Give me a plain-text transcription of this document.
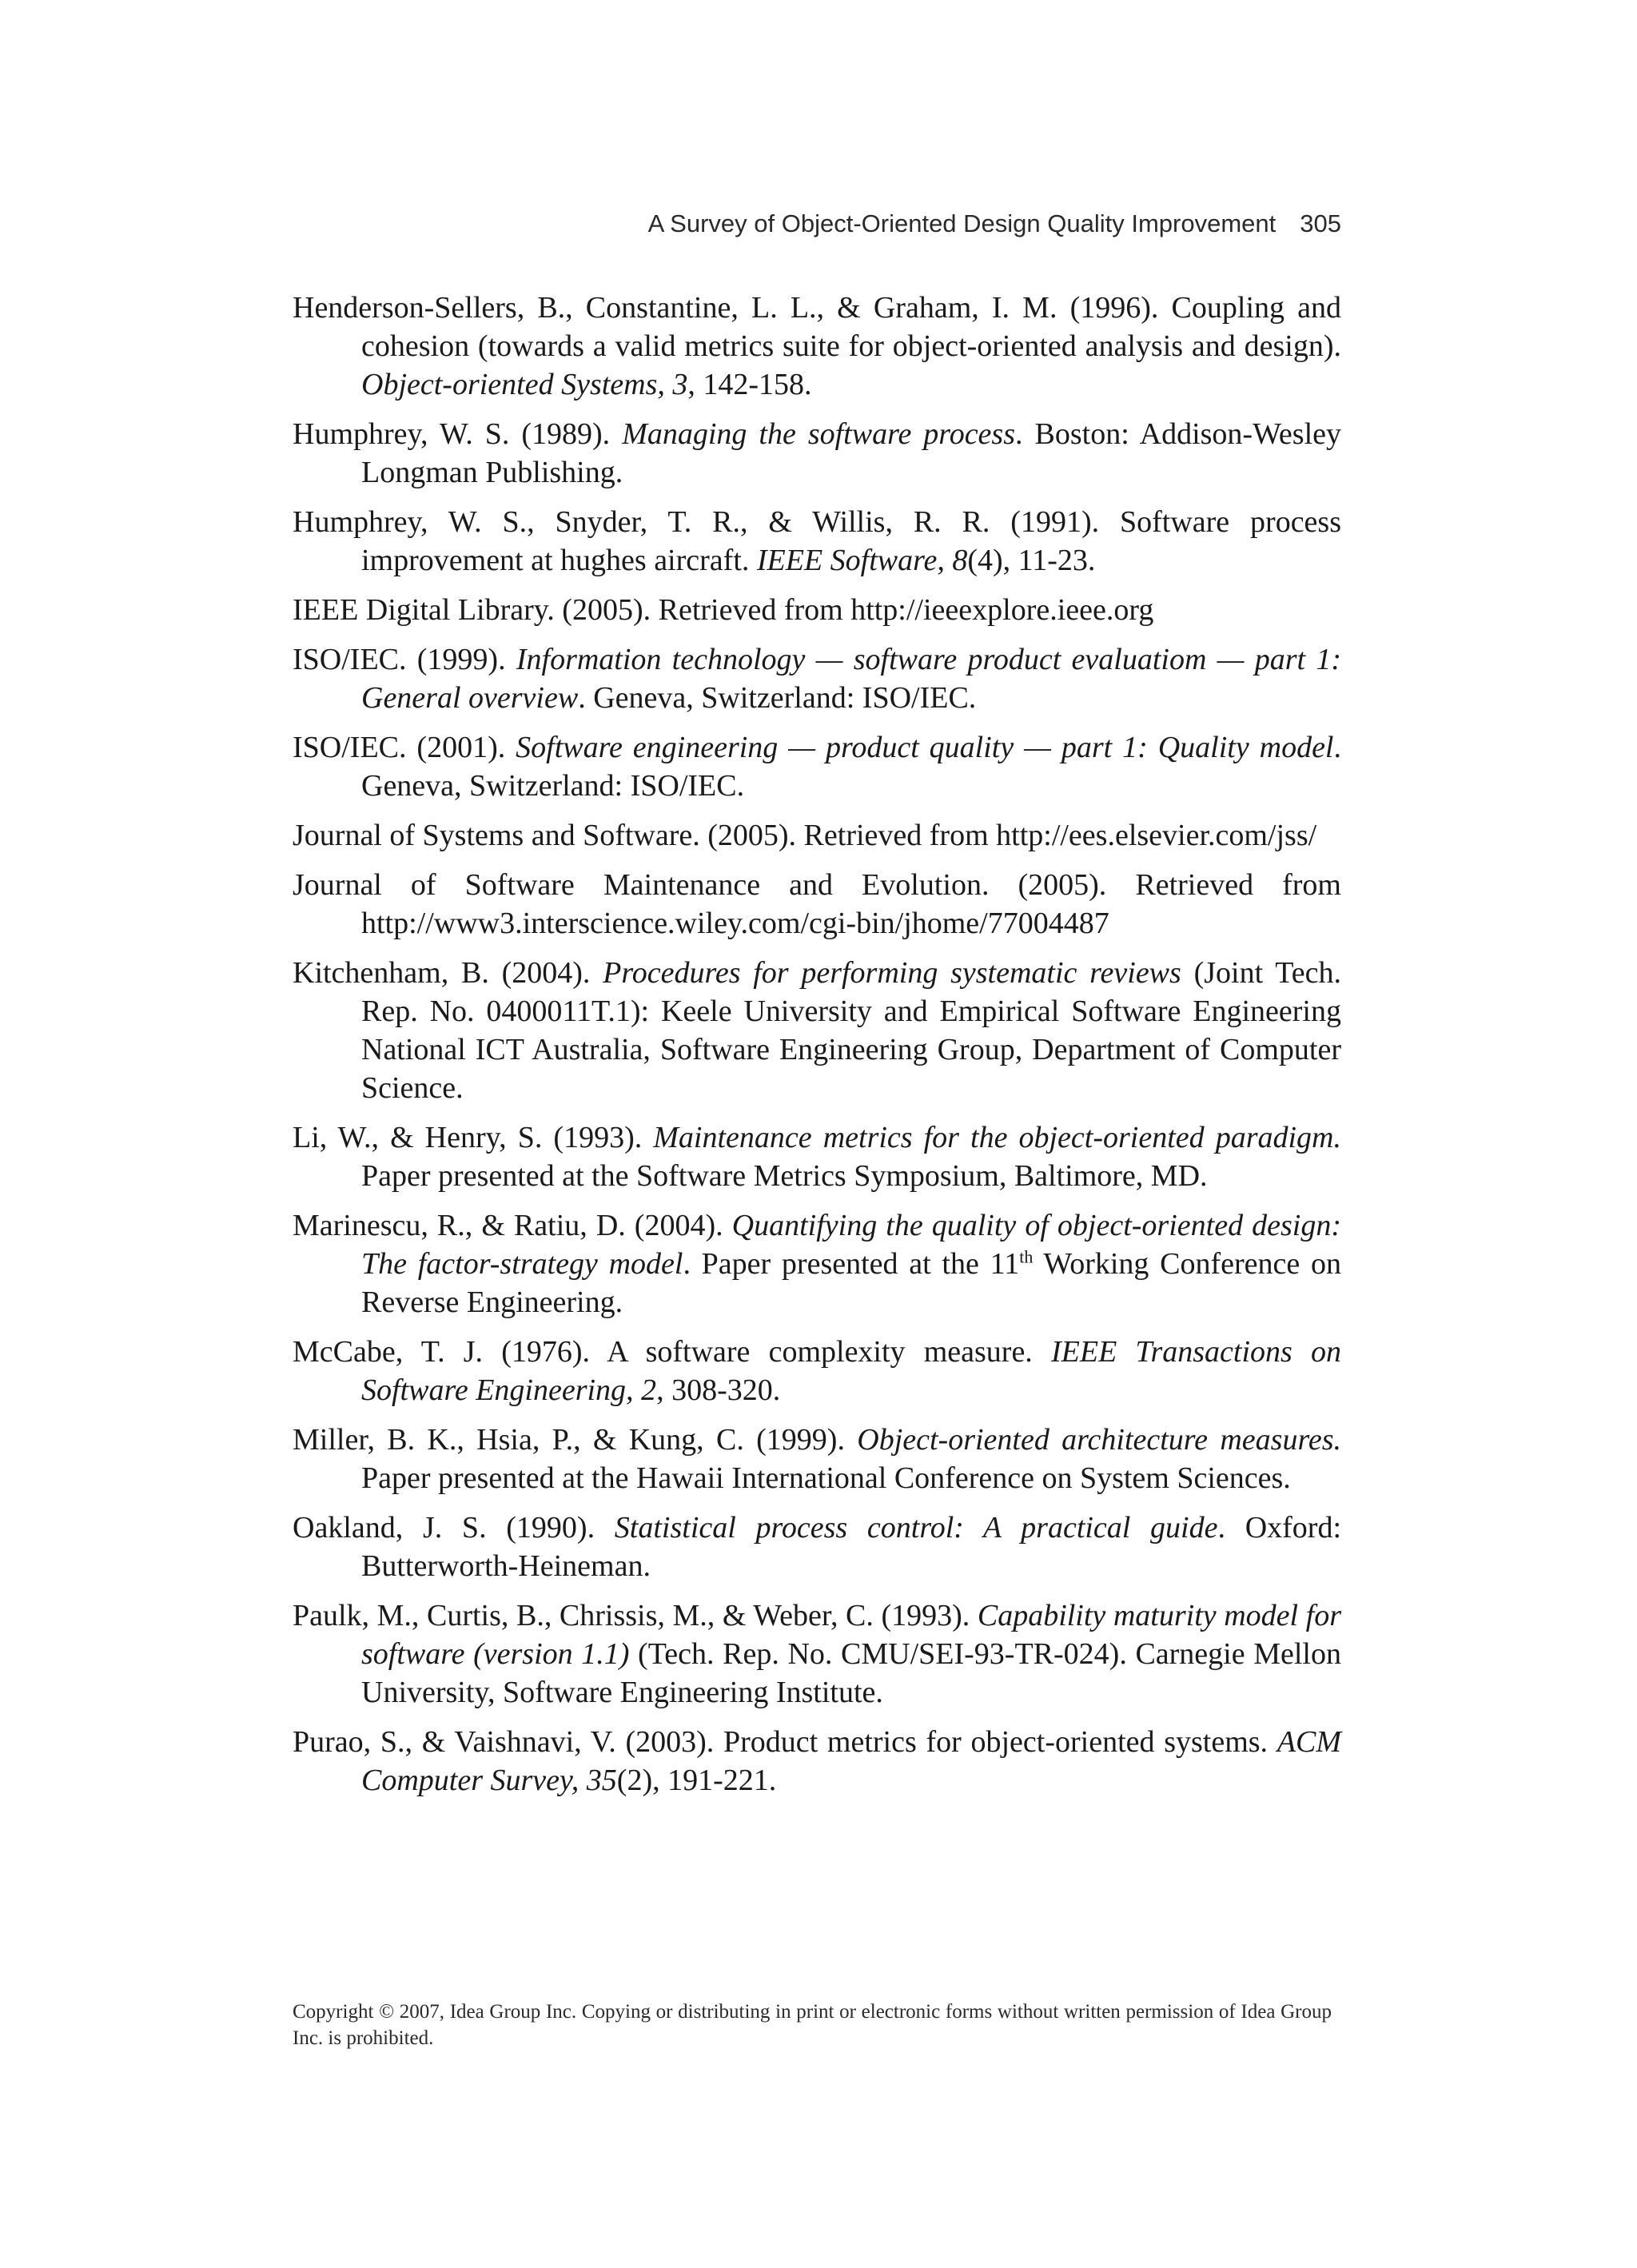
A Survey of Object-Oriented Design Quality Improvement 305
Henderson-Sellers, B., Constantine, L. L., & Graham, I. M. (1996). Coupling and cohesion (towards a valid metrics suite for object-oriented analysis and design). Object-oriented Systems, 3, 142-158.
Humphrey, W. S. (1989). Managing the software process. Boston: Addison-Wesley Longman Publishing.
Humphrey, W. S., Snyder, T. R., & Willis, R. R. (1991). Software process improvement at hughes aircraft. IEEE Software, 8(4), 11-23.
IEEE Digital Library. (2005). Retrieved from http://ieeexplore.ieee.org
ISO/IEC. (1999). Information technology — software product evaluatiom — part 1: General overview. Geneva, Switzerland: ISO/IEC.
ISO/IEC. (2001). Software engineering — product quality — part 1: Quality model. Geneva, Switzerland: ISO/IEC.
Journal of Systems and Software. (2005). Retrieved from http://ees.elsevier.com/jss/
Journal of Software Maintenance and Evolution. (2005). Retrieved from http://www3.interscience.wiley.com/cgi-bin/jhome/77004487
Kitchenham, B. (2004). Procedures for performing systematic reviews (Joint Tech. Rep. No. 0400011T.1): Keele University and Empirical Software Engineering National ICT Australia, Software Engineering Group, Department of Computer Science.
Li, W., & Henry, S. (1993). Maintenance metrics for the object-oriented paradigm. Paper presented at the Software Metrics Symposium, Baltimore, MD.
Marinescu, R., & Ratiu, D. (2004). Quantifying the quality of object-oriented design: The factor-strategy model. Paper presented at the 11th Working Conference on Reverse Engineering.
McCabe, T. J. (1976). A software complexity measure. IEEE Transactions on Software Engineering, 2, 308-320.
Miller, B. K., Hsia, P., & Kung, C. (1999). Object-oriented architecture measures. Paper presented at the Hawaii International Conference on System Sciences.
Oakland, J. S. (1990). Statistical process control: A practical guide. Oxford: Butterworth-Heineman.
Paulk, M., Curtis, B., Chrissis, M., & Weber, C. (1993). Capability maturity model for software (version 1.1) (Tech. Rep. No. CMU/SEI-93-TR-024). Carnegie Mellon University, Software Engineering Institute.
Purao, S., & Vaishnavi, V. (2003). Product metrics for object-oriented systems. ACM Computer Survey, 35(2), 191-221.
Copyright © 2007, Idea Group Inc. Copying or distributing in print or electronic forms without written permission of Idea Group Inc. is prohibited.
